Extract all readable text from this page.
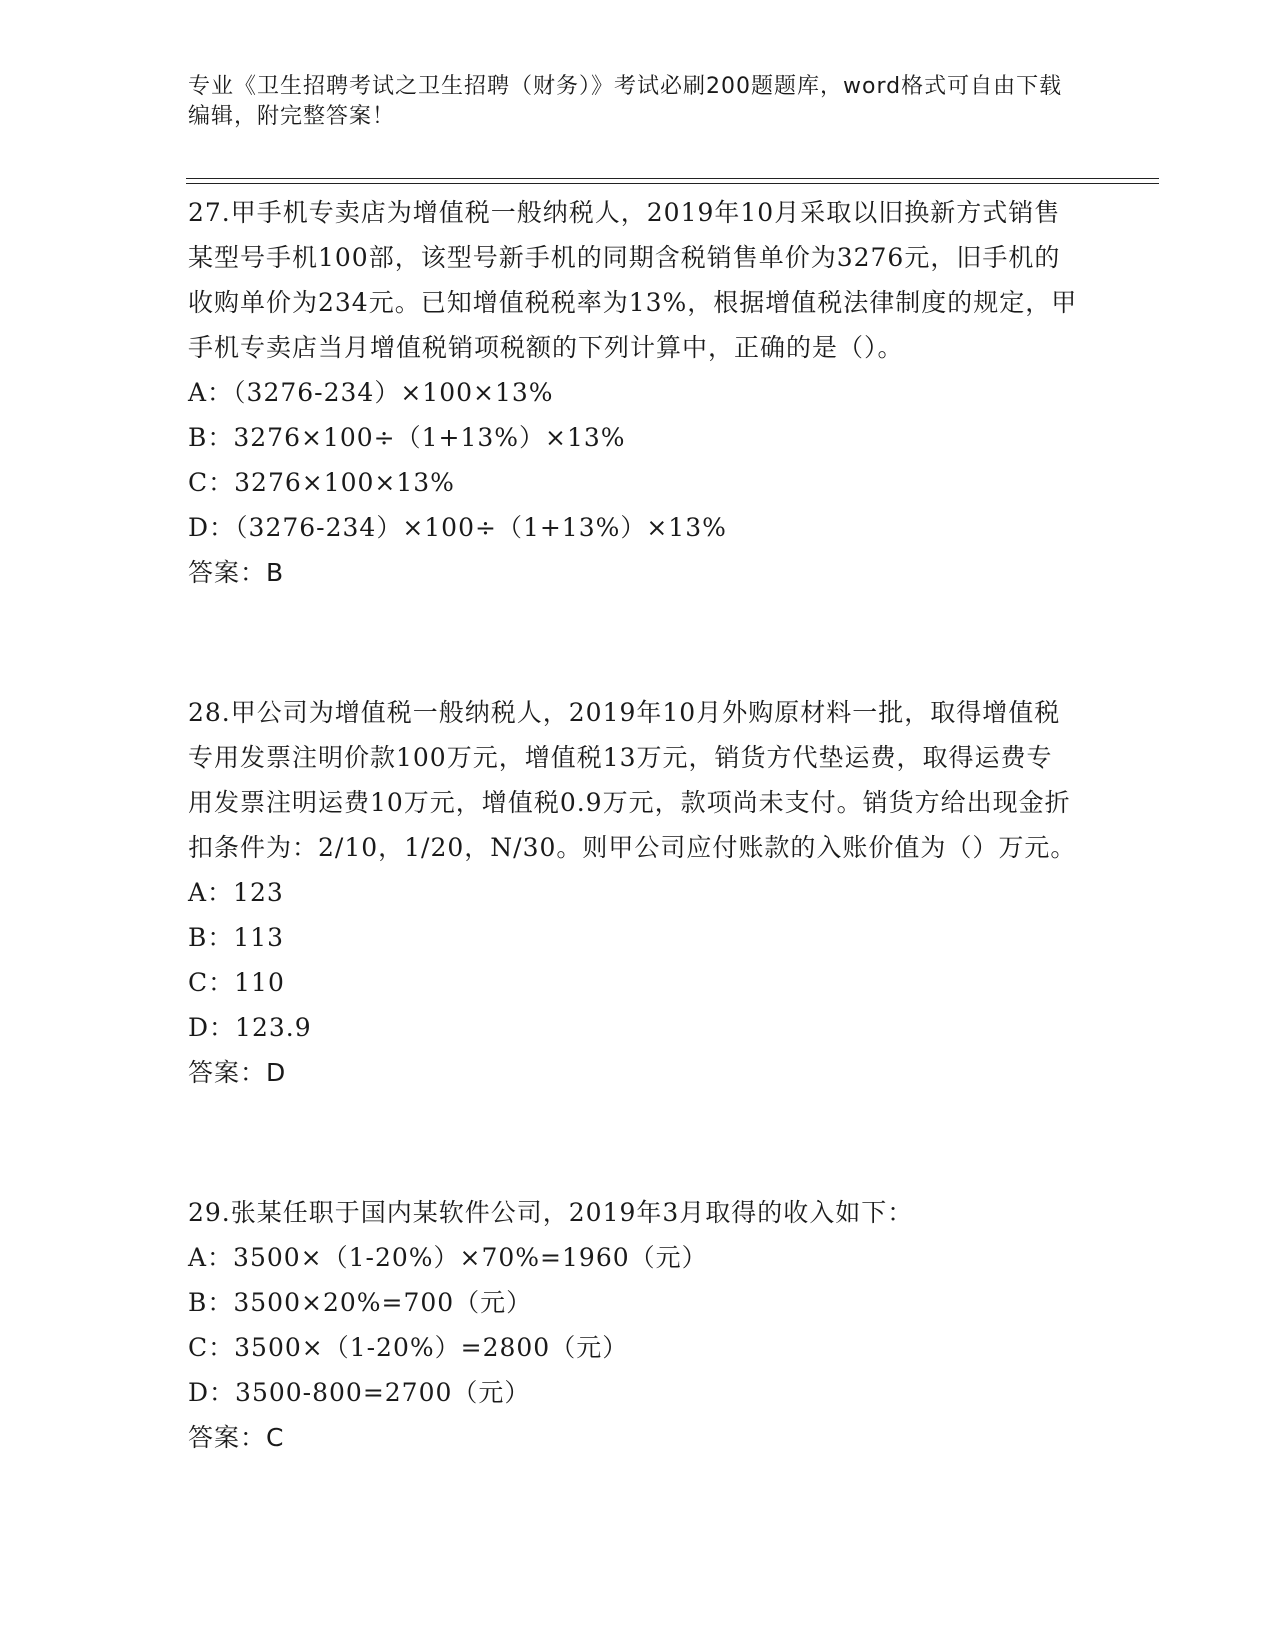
专业《卫生招聘考试之卫生招聘（财务）》考试必刷200题题库，word格式可自由下载编辑，附完整答案！

27.甲手机专卖店为增值税一般纳税人，2019年10月采取以旧换新方式销售某型号手机100部，该型号新手机的同期含税销售单价为3276元，旧手机的收购单价为234元。已知增值税税率为13%，根据增值税法律制度的规定，甲手机专卖店当月增值税销项税额的下列计算中，正确的是（）。

A：（3276-234）×100×13%

B：3276×100÷（1+13%）×13%

C：3276×100×13%

D：（3276-234）×100÷（1+13%）×13%

答案：B

28.甲公司为增值税一般纳税人，2019年10月外购原材料一批，取得增值税专用发票注明价款100万元，增值税13万元，销货方代垫运费，取得运费专用发票注明运费10万元，增值税0.9万元，款项尚未支付。销货方给出现金折扣条件为：2/10，1/20，N/30。则甲公司应付账款的入账价值为（）万元。

A：123

B：113

C：110

D：123.9

答案：D

29.张某任职于国内某软件公司，2019年3月取得的收入如下：

A：3500×（1-20%）×70%=1960（元）

B：3500×20%=700（元）

C：3500×（1-20%）=2800（元）

D：3500-800=2700（元）

答案：C
